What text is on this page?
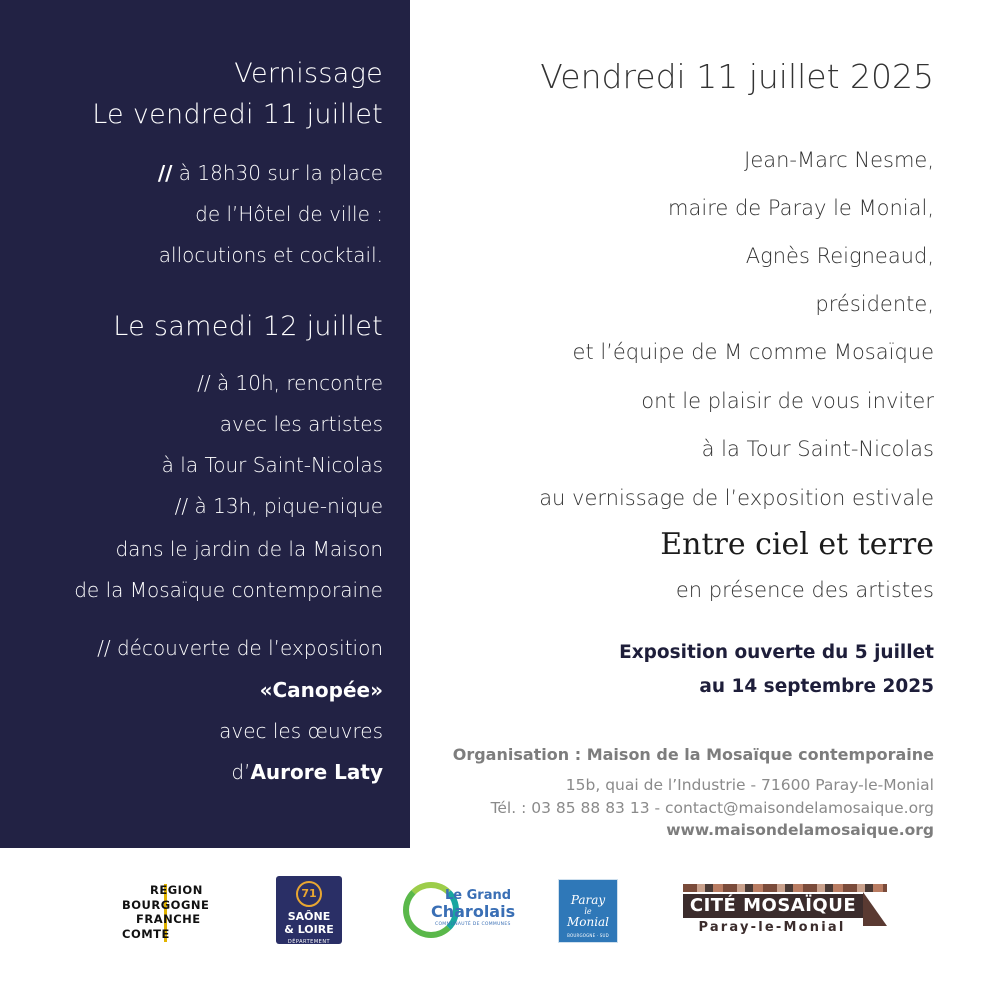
Vernissage
Le vendredi 11 juillet
// à 18h30 sur la place
de l’Hôtel de ville :
allocutions et cocktail.
Le samedi 12 juillet
// à 10h, rencontre
avec les artistes
à la Tour Saint-Nicolas
// à 13h, pique-nique
dans le jardin de la Maison
de la Mosaïque contemporaine
// découverte de l’exposition
«Canopée»
avec les œuvres
d’Aurore Laty
Vendredi 11 juillet 2025
Jean-Marc Nesme,
maire de Paray le Monial,
Agnès Reigneaud,
présidente,
et l’équipe de M comme Mosaïque
ont le plaisir de vous inviter
à la Tour Saint-Nicolas
au vernissage de l’exposition estivale
Entre ciel et terre
en présence des artistes
Exposition ouverte du 5 juillet
au 14 septembre 2025
Organisation : Maison de la Mosaïque contemporaine
15b, quai de l’Industrie - 71600 Paray-le-Monial
Tél. : 03 85 88 83 13 - contact@maisondelamosaique.org
www.maisondelamosaique.org
REGION
BOURGOGNE
FRANCHE
COMTE
71
SAÔNE
& LOIRE
DÉPARTEMENT
Le Grand
Charolais
COMMUNAUTÉ DE COMMUNES
Paray
le
Monial
BOURGOGNE · SUD
CITÉ MOSAÏQUE
Paray-le-Monial
